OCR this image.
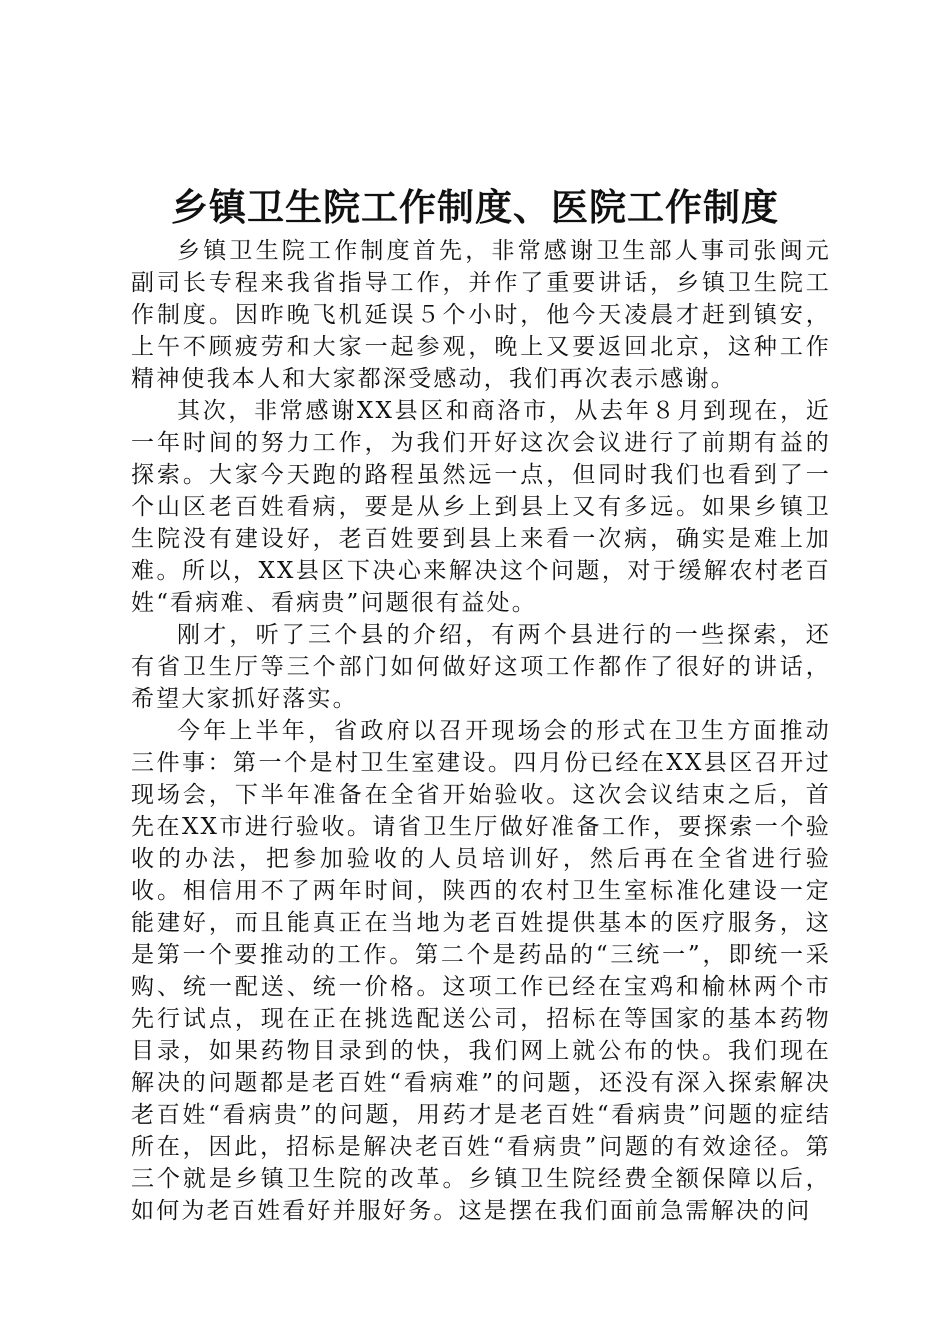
乡镇卫生院工作制度、医院工作制度

乡镇卫生院工作制度首先，非常感谢卫生部人事司张闽元副司长专程来我省指导工作，并作了重要讲话，乡镇卫生院工作制度。因昨晚飞机延误５个小时，他今天凌晨才赶到镇安，上午不顾疲劳和大家一起参观，晚上又要返回北京，这种工作精神使我本人和大家都深受感动，我们再次表示感谢。

其次，非常感谢XX县区和商洛市，从去年８月到现在，近一年时间的努力工作，为我们开好这次会议进行了前期有益的探索。大家今天跑的路程虽然远一点，但同时我们也看到了一个山区老百姓看病，要是从乡上到县上又有多远。如果乡镇卫生院没有建设好，老百姓要到县上来看一次病，确实是难上加难。所以，XX县区下决心来解决这个问题，对于缓解农村老百姓“看病难、看病贵”问题很有益处。

刚才，听了三个县的介绍，有两个县进行的一些探索，还有省卫生厅等三个部门如何做好这项工作都作了很好的讲话，希望大家抓好落实。

今年上半年，省政府以召开现场会的形式在卫生方面推动三件事：第一个是村卫生室建设。四月份已经在XX县区召开过现场会，下半年准备在全省开始验收。这次会议结束之后，首先在XX市进行验收。请省卫生厅做好准备工作，要探索一个验收的办法，把参加验收的人员培训好，然后再在全省进行验收。相信用不了两年时间，陕西的农村卫生室标准化建设一定能建好，而且能真正在当地为老百姓提供基本的医疗服务，这是第一个要推动的工作。第二个是药品的“三统一”，即统一采购、统一配送、统一价格。这项工作已经在宝鸡和榆林两个市先行试点，现在正在挑选配送公司，招标在等国家的基本药物目录，如果药物目录到的快，我们网上就公布的快。我们现在解决的问题都是老百姓“看病难”的问题，还没有深入探索解决老百姓“看病贵”的问题，用药才是老百姓“看病贵”问题的症结所在，因此，招标是解决老百姓“看病贵”问题的有效途径。第三个就是乡镇卫生院的改革。乡镇卫生院经费全额保障以后，如何为老百姓看好并服好务。这是摆在我们面前急需解决的问
